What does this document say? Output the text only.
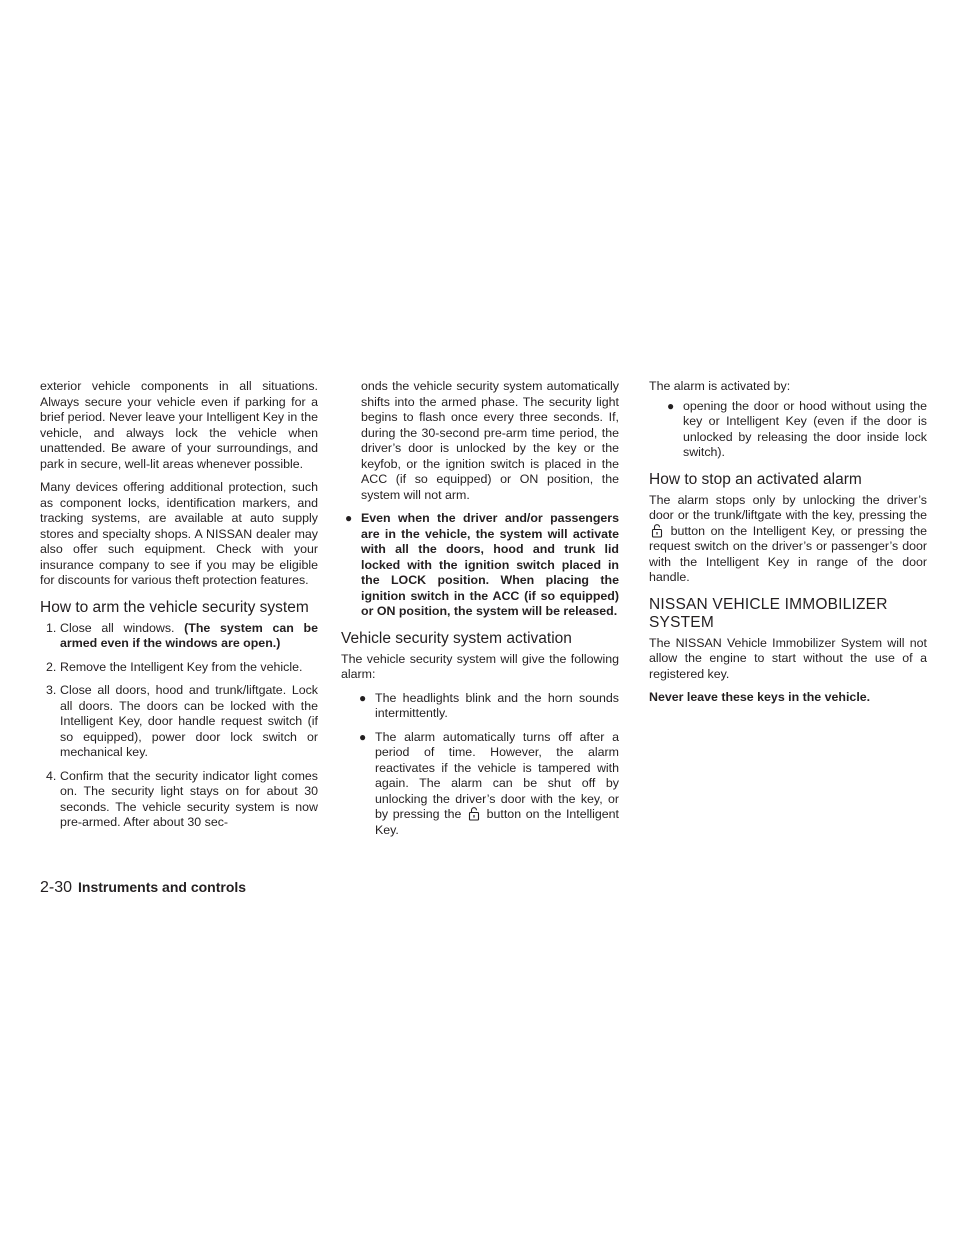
exterior vehicle components in all situations. Always secure your vehicle even if parking for a brief period. Never leave your Intelligent Key in the vehicle, and always lock the vehicle when unattended. Be aware of your surroundings, and park in secure, well-lit areas whenever possible.

Many devices offering additional protection, such as component locks, identification markers, and tracking systems, are available at auto supply stores and specialty shops. A NISSAN dealer may also offer such equipment. Check with your insurance company to see if you may be eligible for discounts for various theft protection features.

How to arm the vehicle security system
1. Close all windows. (The system can be armed even if the windows are open.)
2. Remove the Intelligent Key from the vehicle.
3. Close all doors, hood and trunk/liftgate. Lock all doors. The doors can be locked with the Intelligent Key, door handle request switch (if so equipped), power door lock switch or mechanical key.
4. Confirm that the security indicator light comes on. The security light stays on for about 30 seconds. The vehicle security system is now pre-armed. After about 30 sec-

onds the vehicle security system automatically shifts into the armed phase. The security light begins to flash once every three seconds. If, during the 30-second pre-arm time period, the driver’s door is unlocked by the key or the keyfob, or the ignition switch is placed in the ACC (if so equipped) or ON position, the system will not arm.

● Even when the driver and/or passengers are in the vehicle, the system will activate with all the doors, hood and trunk lid locked with the ignition switch placed in the LOCK position. When placing the ignition switch in the ACC (if so equipped) or ON position, the system will be released.
Vehicle security system activation

The vehicle security system will give the following alarm:

● The headlights blink and the horn sounds intermittently.
● The alarm automatically turns off after a period of time. However, the alarm reactivates if the vehicle is tampered with again. The alarm can be shut off by unlocking the driver’s door with the key, or by pressing the button on the Intelligent Key.

The alarm is activated by:

● opening the door or hood without using the key or Intelligent Key (even if the door is unlocked by releasing the door inside lock switch).
How to stop an activated alarm

The alarm stops only by unlocking the driver’s door or the trunk/liftgate with the key, pressing the  button on the Intelligent Key, or pressing the request switch on the driver’s or passenger’s door with the Intelligent Key in range of the door handle.

NISSAN VEHICLE IMMOBILIZER SYSTEM

The NISSAN Vehicle Immobilizer System will not allow the engine to start without the use of a registered key.

Never leave these keys in the vehicle.

2-30 Instruments and controls
